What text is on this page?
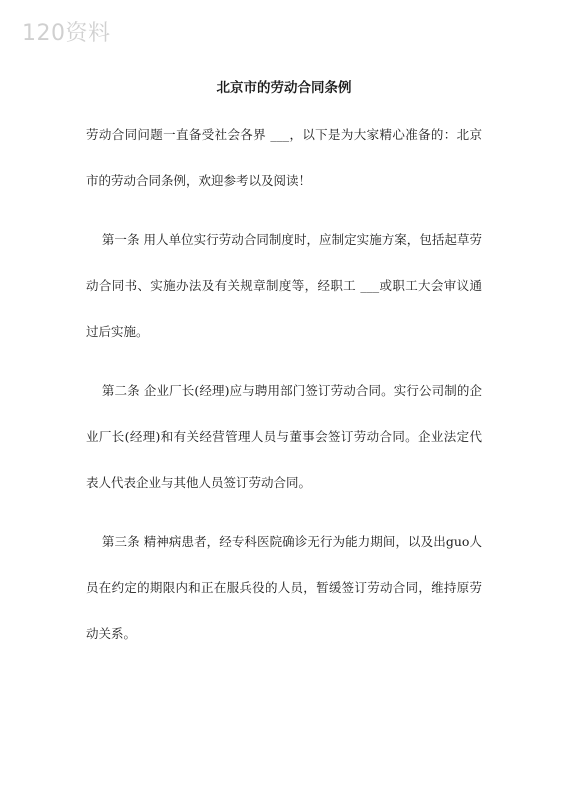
120资料
北京市的劳动合同条例

劳动合同问题一直备受社会各界 ___，以下是为大家精心准备的：北京市的劳动合同条例，欢迎参考以及阅读！

第一条 用人单位实行劳动合同制度时，应制定实施方案，包括起草劳动合同书、实施办法及有关规章制度等，经职工 ___或职工大会审议通过后实施。

第二条 企业厂长(经理)应与聘用部门签订劳动合同。实行公司制的企业厂长(经理)和有关经营管理人员与董事会签订劳动合同。企业法定代表人代表企业与其他人员签订劳动合同。

第三条 精神病患者，经专科医院确诊无行为能力期间，以及出guo人员在约定的期限内和正在服兵役的人员，暂缓签订劳动合同，维持原劳动关系。
